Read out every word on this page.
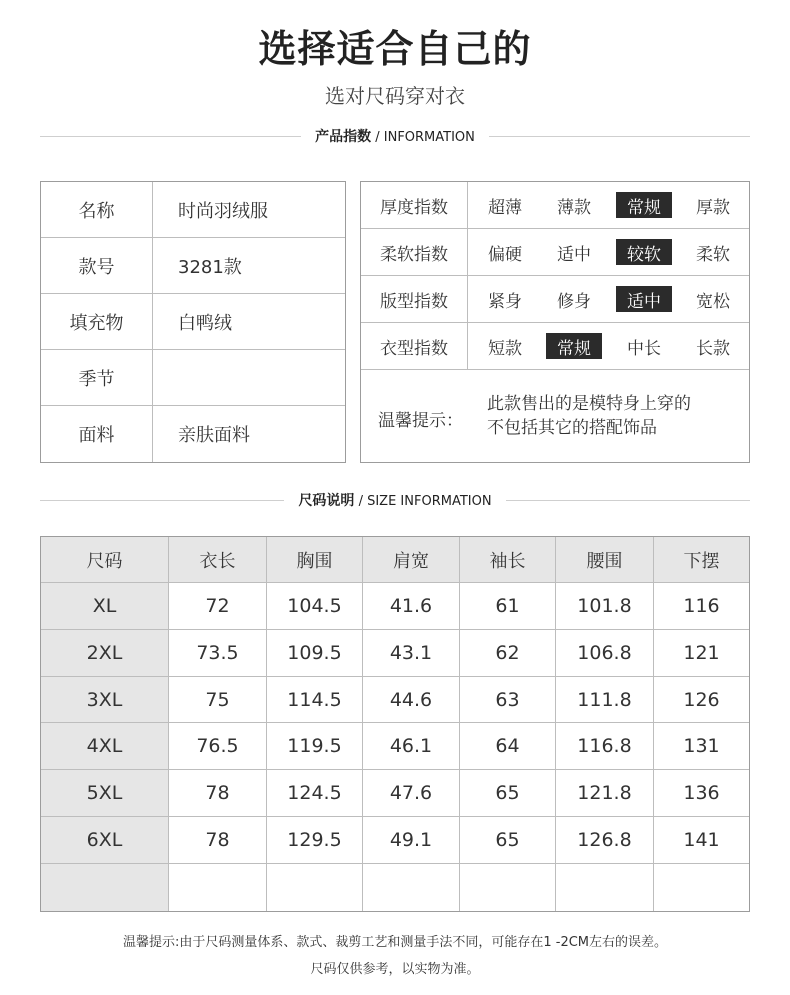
选择适合自己的
选对尺码穿对衣
产品指数 / INFORMATION
名称	时尚羽绒服
款号	3281款
填充物	白鸭绒
季节
面料	亲肤面料
厚度指数	超薄	薄款	常规	厚款
柔软指数	偏硬	适中	较软	柔软
版型指数	紧身	修身	适中	宽松
衣型指数	短款	常规	中长	长款
温馨提示：
此款售出的是模特身上穿的
不包括其它的搭配饰品
尺码说明 / SIZE INFORMATION
尺码	衣长	胸围	肩宽	袖长	腰围	下摆
XL	72	104.5	41.6	61	101.8	116
2XL	73.5	109.5	43.1	62	106.8	121
3XL	75	114.5	44.6	63	111.8	126
4XL	76.5	119.5	46.1	64	116.8	131
5XL	78	124.5	47.6	65	121.8	136
6XL	78	129.5	49.1	65	126.8	141
温馨提示:由于尺码测量体系、款式、裁剪工艺和测量手法不同，可能存在1 -2CM左右的误差。
尺码仅供参考，以实物为准。
